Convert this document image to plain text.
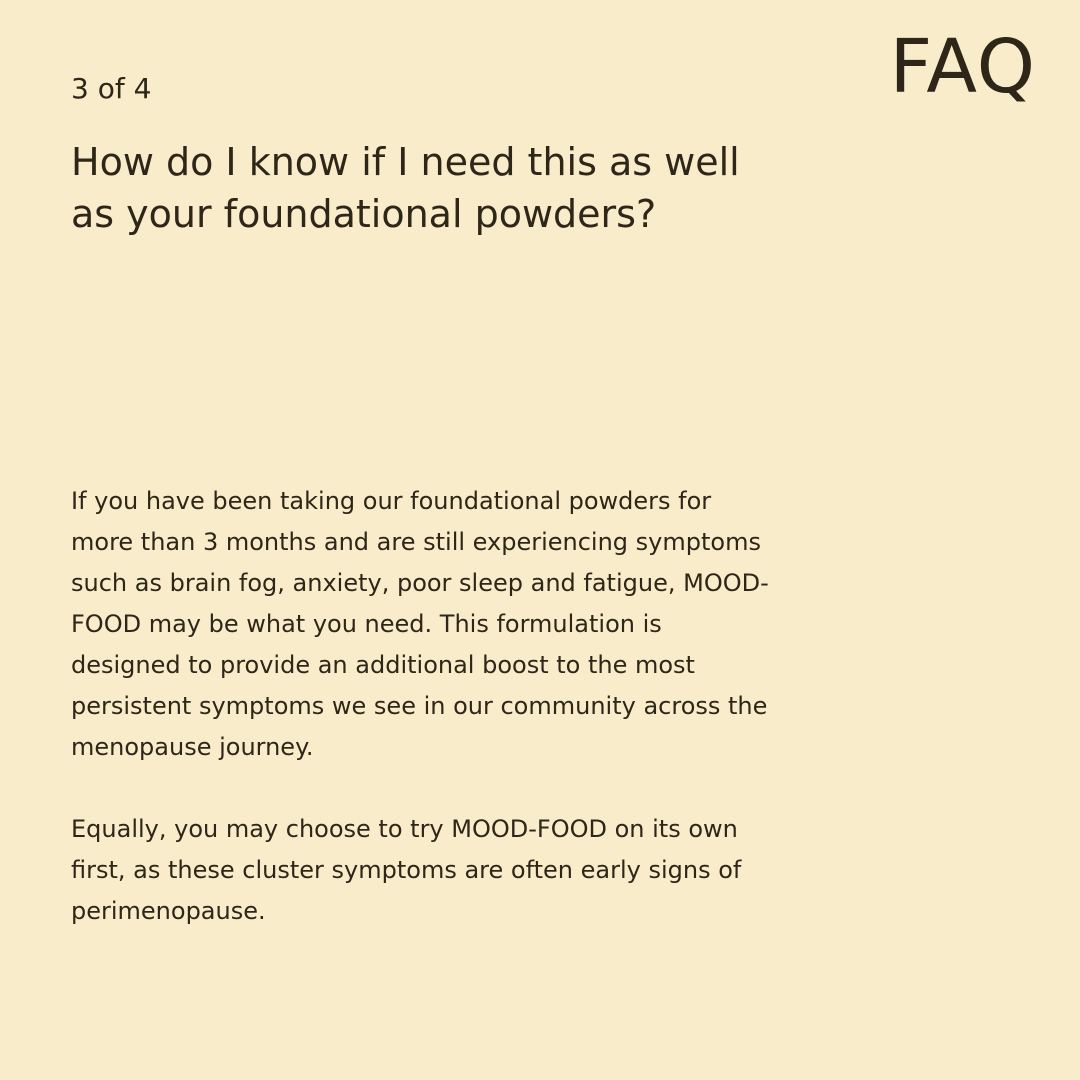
FAQ
3 of 4
How do I know if I need this as well as your foundational powders?

If you have been taking our foundational powders for more than 3 months and are still experiencing symptoms such as brain fog, anxiety, poor sleep and fatigue, MOOD-FOOD may be what you need. This formulation is designed to provide an additional boost to the most persistent symptoms we see in our community across the menopause journey.

Equally, you may choose to try MOOD-FOOD on its own first, as these cluster symptoms are often early signs of perimenopause.
